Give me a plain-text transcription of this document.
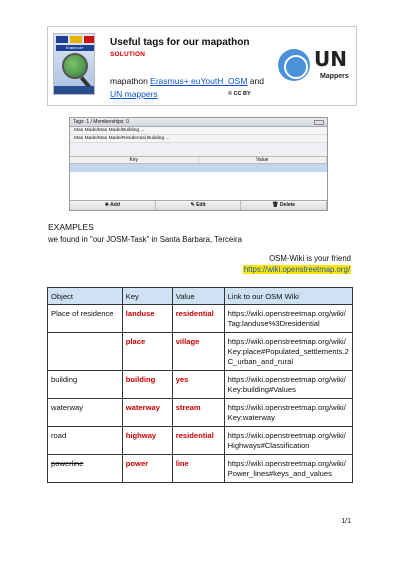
Erasmus+	Useful tags for our mapathon
SOLUTION
mapathon Erasmus+ euYoutH_OSM and
UN mappers	© CC BY
UN
Mappers
Tags: 1 / Memberships: 0
Man Made/Man Made/Building ...
Man Made/Man Made/Residential Building ...
Key	Value
✚ Add	✎ Edit	🗑 Delete
EXAMPLES
we found in "our JOSM-Task" in Santa Barbara, Terceira
OSM-Wiki is your friend
https://wiki.openstreetmap.org/
Object	Key	Value	Link to our OSM Wiki
Place of residence	landuse	residential	https://wiki.openstreetmap.org/wiki/Tag:landuse%3Dresidential
	place	village	https://wiki.openstreetmap.org/wiki/Key:place#Populated_settlements.2C_urban_and_rural
building	building	yes	https://wiki.openstreetmap.org/wiki/Key:building#Values
waterway	waterway	stream	https://wiki.openstreetmap.org/wiki/Key:waterway
road	highway	residential	https://wiki.openstreetmap.org/wiki/Highways#Classification
powerline	power	line	https://wiki.openstreetmap.org/wiki/Power_lines#keys_and_values
1/1
